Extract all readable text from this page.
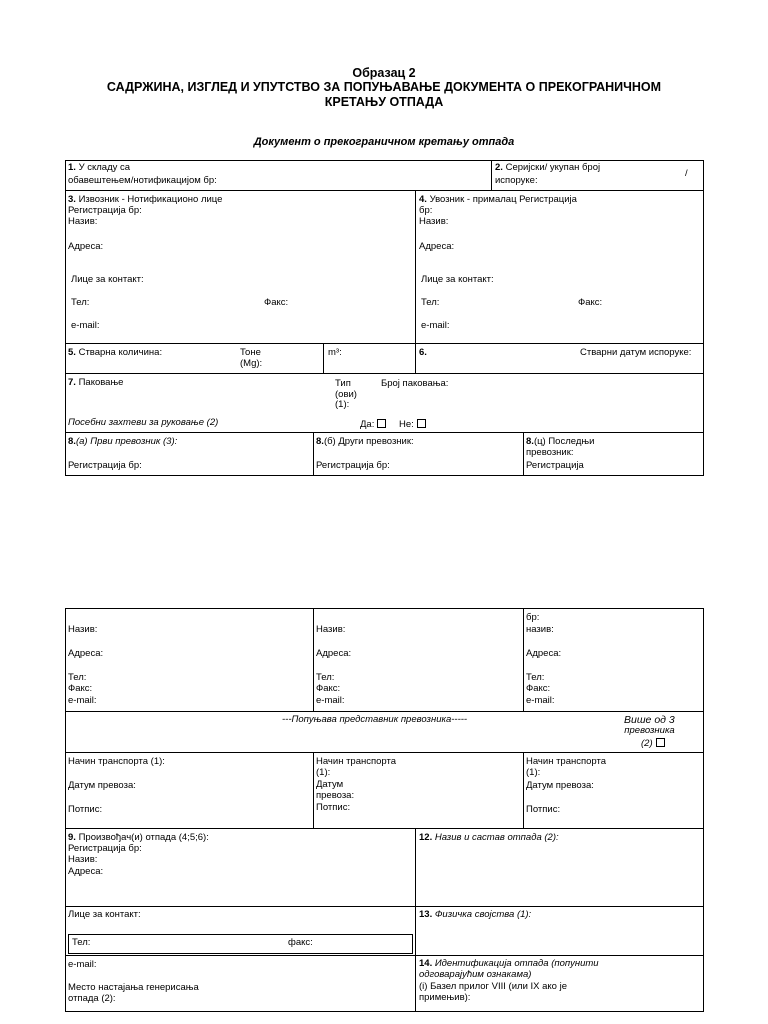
Образац 2
САДРЖИНА, ИЗГЛЕД И УПУТСТВО ЗА ПОПУЊАВАЊЕ ДОКУМЕНТА О ПРЕКОГРАНИЧНОМ
КРЕТАЊУ ОТПАДА
Документ о прекограничном кретању отпада
1. У складу са
обавештењем/нотификацијом бр:
2. Серијски/ укупан број
/
испоруке:
3. Извозник - Нотификационо лице
Регистрација бр:
Назив:
Адреса:
Лице за контакт:
Тел:	Факс:
e-mail:
4. Увозник - прималац Регистрација
бр:
Назив:
Адреса:
Лице за контакт:
Тел:	Факс:
e-mail:
5. Стварна количина:	Тоне
(Mg):
m³:	6.	Стварни датум испоруке:
7. Паковање	Тип
(ови)
(1):
Број паковања:
Посебни захтеви за руковање (2)	Да:	Не:
8.(а) Први превозник (3):
Регистрација бр:
8.(б) Други превозник:
Регистрација бр:
8.(ц) Последњи
превозник:
Регистрација
Назив:
Адреса:
Тел:
Факс:
e-mail:
Назив:
Адреса:
Тел:
Факс:
e-mail:
бр:
назив:
Адреса:
Тел:
Факс:
e-mail:
---Попуњава представник превозника-----	Више од 3
превозника
(2)
Начин транспорта (1):
Датум превоза:
Потпис:
Начин транспорта
(1):
Датум
превоза:
Потпис:
Начин транспорта
(1):
Датум превоза:
Потпис:
9. Произвођач(и) отпада (4;5;6):
Регистрација бр:
Назив:
Адреса:
Лице за контакт:
Тел:	факс:
e-mail:
Место настајања генерисања
отпада (2):
12. Назив и састав отпада (2):
13. Физичка својства (1):
14. Идентификација отпада (попунити
одговарајућим ознакама)
(i) Базел прилог VIII (или IX ако је
примењив):
